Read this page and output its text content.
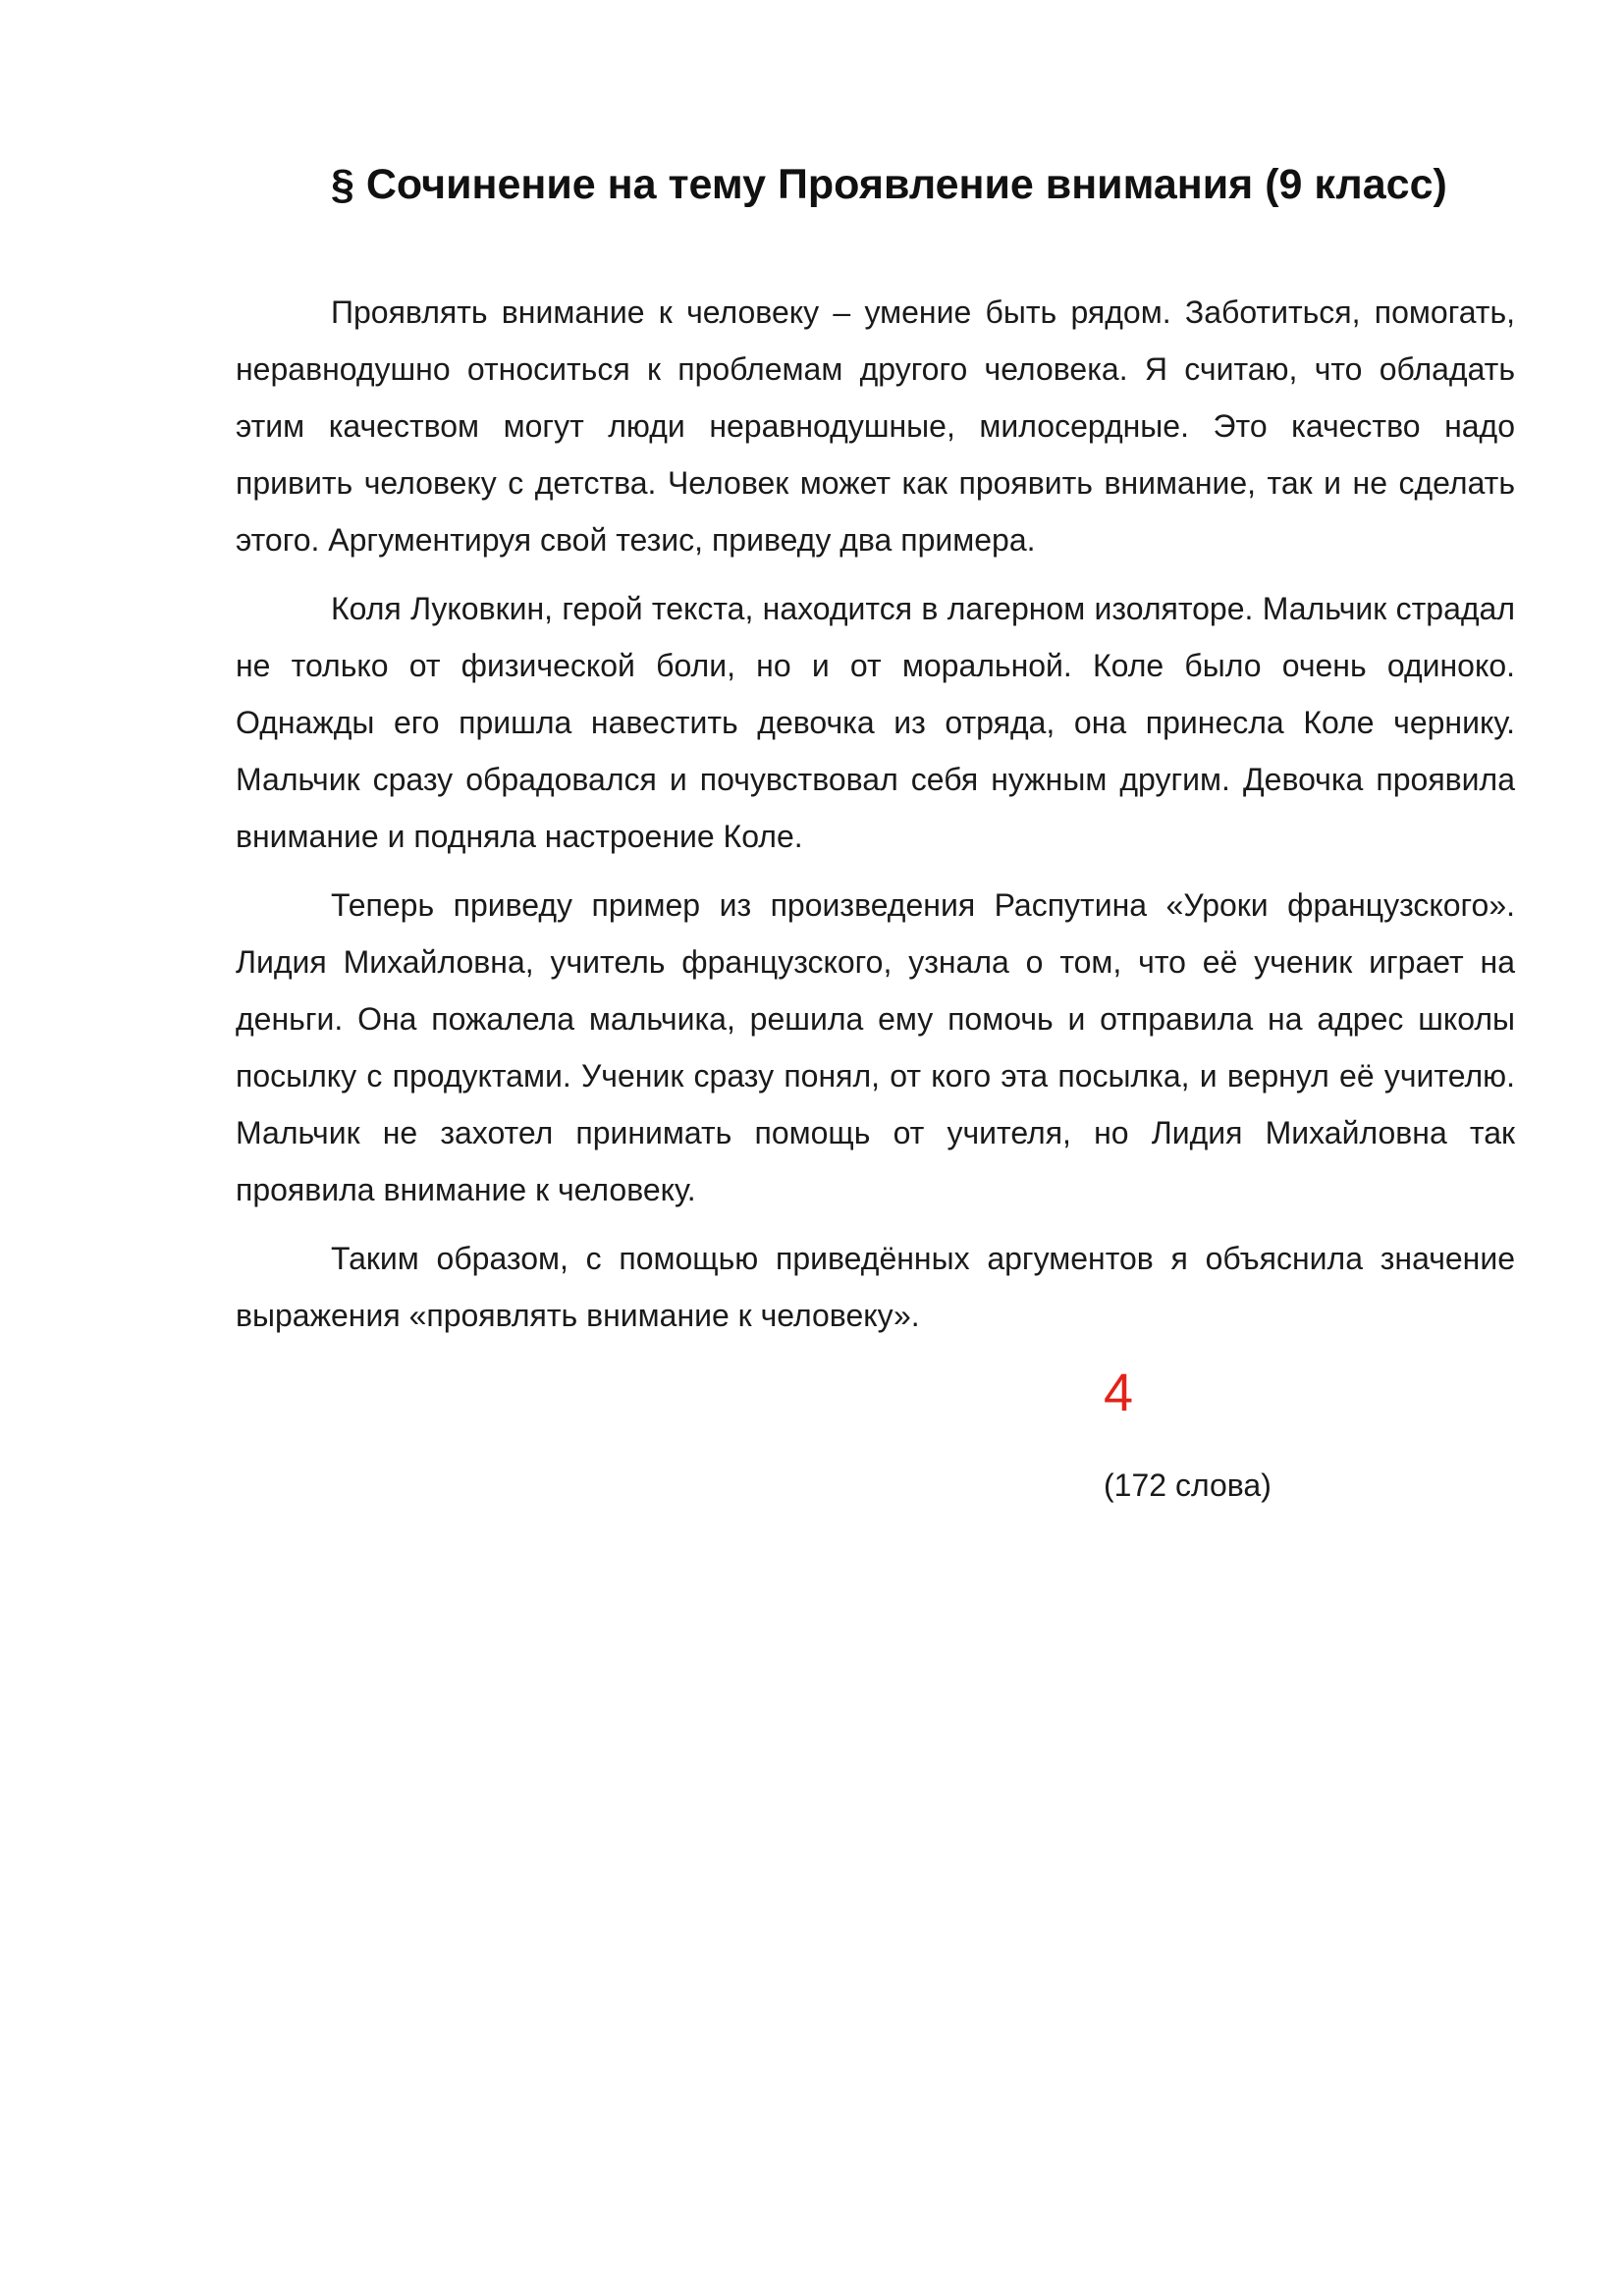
§ Сочинение на тему Проявление внимания (9 класс)

Проявлять внимание к человеку – умение быть рядом. Заботиться, помогать, неравнодушно относиться к проблемам другого человека. Я считаю, что обладать этим качеством могут люди неравнодушные, милосердные. Это качество надо привить человеку с детства. Человек может как проявить внимание, так и не сделать этого. Аргументируя свой тезис, приведу два примера.

Коля Луковкин, герой текста, находится в лагерном изоляторе. Мальчик страдал не только от физической боли, но и от моральной. Коле было очень одиноко. Однажды его пришла навестить девочка из отряда, она принесла Коле чернику. Мальчик сразу обрадовался и почувствовал себя нужным другим. Девочка проявила внимание и подняла настроение Коле.

Теперь приведу пример из произведения Распутина «Уроки французского». Лидия Михайловна, учитель французского, узнала о том, что её ученик играет на деньги. Она пожалела мальчика, решила ему помочь и отправила на адрес школы посылку с продуктами. Ученик сразу понял, от кого эта посылка, и вернул её учителю. Мальчик не захотел принимать помощь от учителя, но Лидия Михайловна так проявила внимание к человеку.

Таким образом, с помощью приведённых аргументов я объяснила значение выражения «проявлять внимание к человеку».

4
(172 слова)
